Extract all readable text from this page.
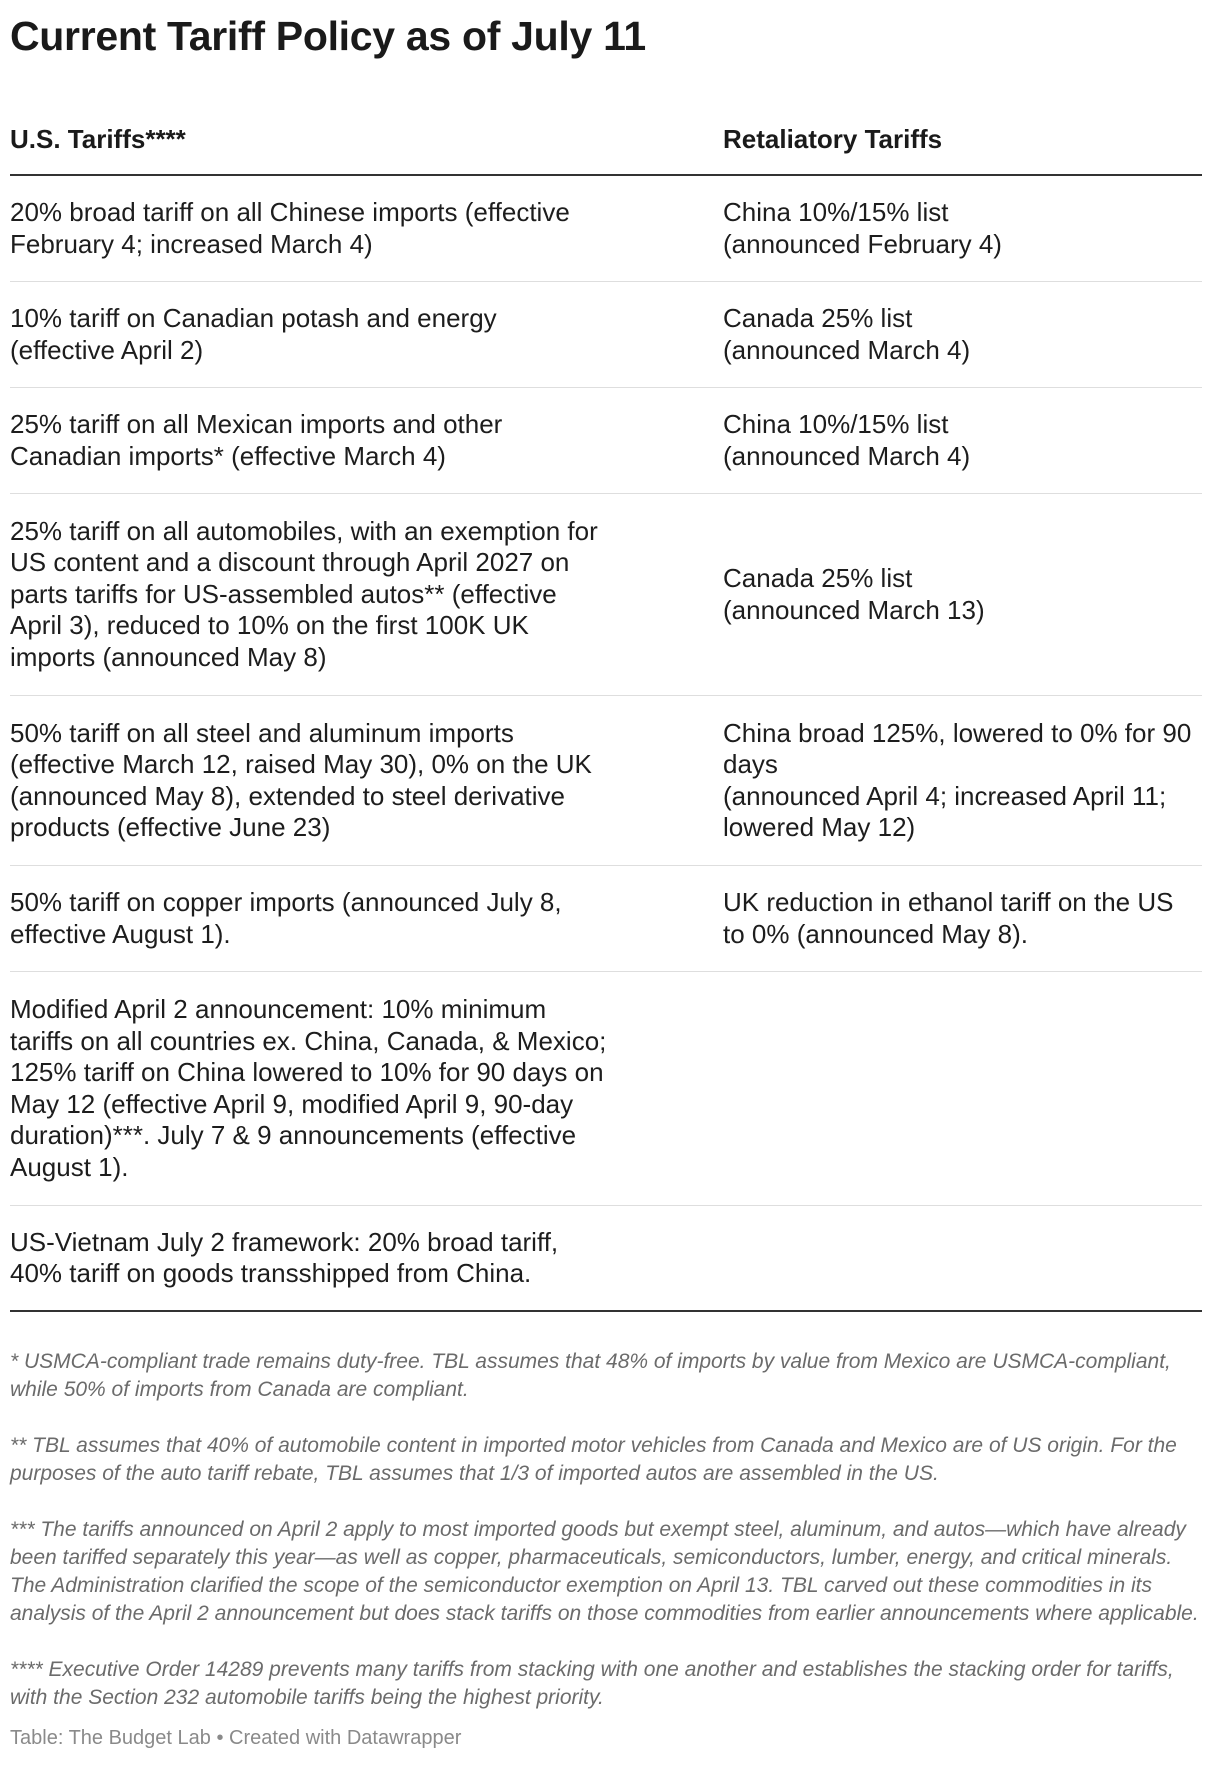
Current Tariff Policy as of July 11
U.S. Tariffs****	Retaliatory Tariffs
20% broad tariff on all Chinese imports (effective
February 4; increased March 4)
China 10%/15% list
(announced February 4)
10% tariff on Canadian potash and energy
(effective April 2)
Canada 25% list
(announced March 4)
25% tariff on all Mexican imports and other
Canadian imports* (effective March 4)
China 10%/15% list
(announced March 4)
25% tariff on all automobiles, with an exemption for
US content and a discount through April 2027 on
parts tariffs for US-assembled autos** (effective
April 3), reduced to 10% on the first 100K UK
imports (announced May 8)
Canada 25% list
(announced March 13)
50% tariff on all steel and aluminum imports
(effective March 12, raised May 30), 0% on the UK
(announced May 8), extended to steel derivative
products (effective June 23)
China broad 125%, lowered to 0% for 90
days
(announced April 4; increased April 11;
lowered May 12)
50% tariff on copper imports (announced July 8,
effective August 1).
UK reduction in ethanol tariff on the US
to 0% (announced May 8).
Modified April 2 announcement: 10% minimum
tariffs on all countries ex. China, Canada, & Mexico;
125% tariff on China lowered to 10% for 90 days on
May 12 (effective April 9, modified April 9, 90-day
duration)***. July 7 & 9 announcements (effective
August 1).
US-Vietnam July 2 framework: 20% broad tariff,
40% tariff on goods transshipped from China.

* USMCA-compliant trade remains duty-free. TBL assumes that 48% of imports by value from Mexico are USMCA-compliant, while 50% of imports from Canada are compliant.

** TBL assumes that 40% of automobile content in imported motor vehicles from Canada and Mexico are of US origin. For the purposes of the auto tariff rebate, TBL assumes that 1/3 of imported autos are assembled in the US.

*** The tariffs announced on April 2 apply to most imported goods but exempt steel, aluminum, and autos—which have already been tariffed separately this year—as well as copper, pharmaceuticals, semiconductors, lumber, energy, and critical minerals. The Administration clarified the scope of the semiconductor exemption on April 13. TBL carved out these commodities in its analysis of the April 2 announcement but does stack tariffs on those commodities from earlier announcements where applicable.

**** Executive Order 14289 prevents many tariffs from stacking with one another and establishes the stacking order for tariffs, with the Section 232 automobile tariffs being the highest priority.

Table: The Budget Lab • Created with Datawrapper
